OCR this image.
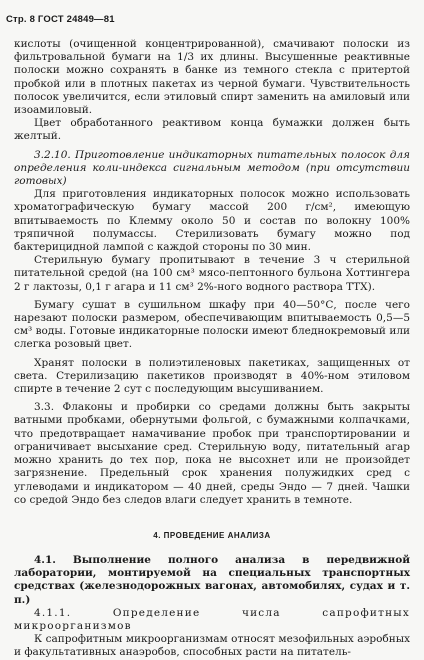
Стр. 8 ГОСТ 24849—81

кислоты (очищенной концентрированной), смачивают полоски из фильтровальной бумаги на 1/3 их длины. Высушенные реактивные полоски можно сохранять в банке из темного стекла с притертой пробкой или в плотных пакетах из черной бумаги. Чувствительность полосок увеличится, если этиловый спирт заменить на амиловый или изоамиловый.

Цвет обработанного реактивом конца бумажки должен быть желтый.

3.2.10. Приготовление индикаторных питательных полосок для определения коли-индекса сигнальным методом (при отсутствии готовых)

Для приготовления индикаторных полосок можно использовать хроматографическую бумагу массой 200 г/см², имеющую впитываемость по Клемму около 50 и состав по волокну 100% тряпичной полумассы. Стерилизовать бумагу можно под бактерицидной лампой с каждой стороны по 30 мин.

Стерильную бумагу пропитывают в течение 3 ч стерильной питательной средой (на 100 см³ мясо-пептонного бульона Хоттингера 2 г лактозы, 0,1 г агара и 11 см³ 2%-ного водного раствора ТТХ).

Бумагу сушат в сушильном шкафу при 40—50°С, после чего нарезают полоски размером, обеспечивающим впитываемость 0,5—5 см³ воды. Готовые индикаторные полоски имеют бледнокремовый или слегка розовый цвет.

Хранят полоски в полиэтиленовых пакетиках, защищенных от света. Стерилизацию пакетиков производят в 40%-ном этиловом спирте в течение 2 сут с последующим высушиванием.

3.3. Флаконы и пробирки со средами должны быть закрыты ватными пробками, обернутыми фольгой, с бумажными колпачками, что предотвращает намачивание пробок при транспортировании и ограничивает высыхание сред. Стерильную воду, питательный агар можно хранить до тех пор, пока не высохнет или не произойдет загрязнение. Предельный срок хранения полужидких сред с углеводами и индикатором — 40 дней, среды Эндо — 7 дней. Чашки со средой Эндо без следов влаги следует хранить в темноте.

4. ПРОВЕДЕНИЕ АНАЛИЗА

4.1. Выполнение полного анализа в передвижной лаборатории, монтируемой на специальных транспортных средствах (железнодорожных вагонах, автомобилях, судах и т. п.)

4.1.1. Определение числа сапрофитных микроорганизмов

К сапрофитным микроорганизмам относят мезофильных аэробных и факультативных анаэробов, способных расти на питатель-
